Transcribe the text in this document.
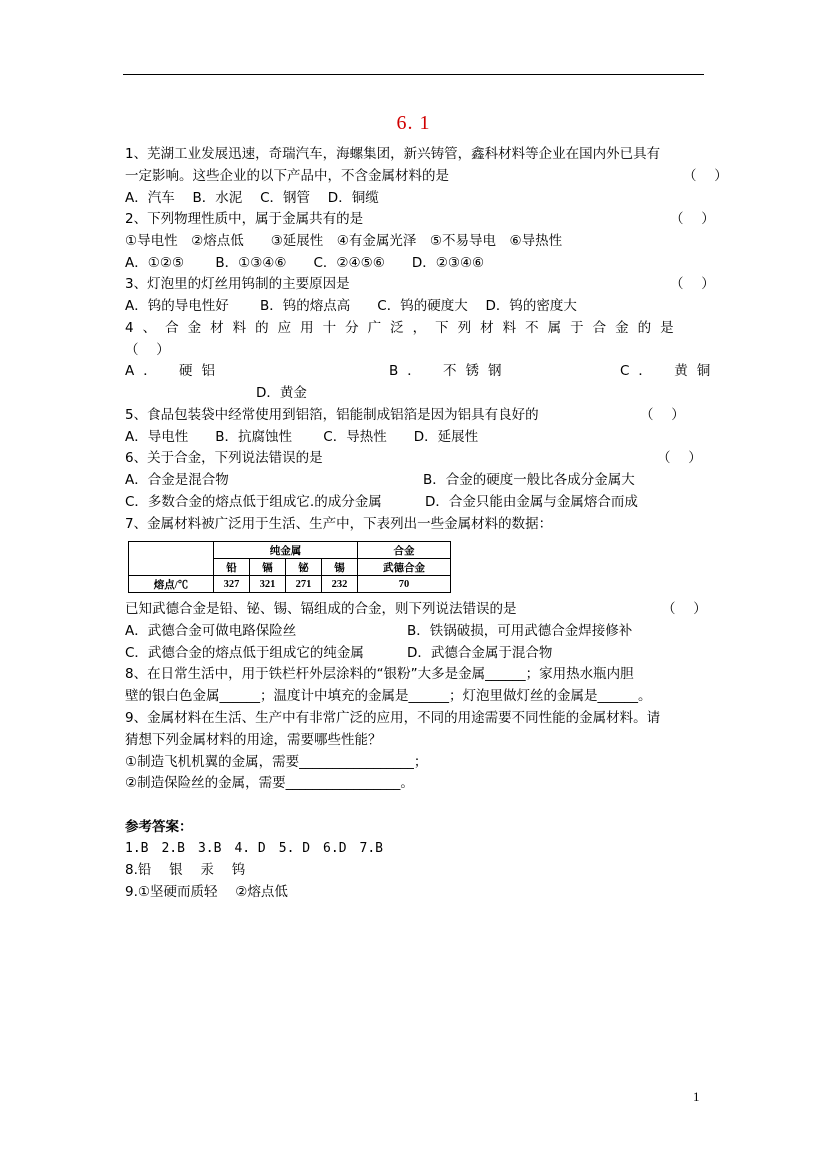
6. 1
1、芜湖工业发展迅速，奇瑞汽车，海螺集团，新兴铸管，鑫科材料等企业在国内外已具有
一定影响。这些企业的以下产品中，不含金属材料的是	（　 ）
A．汽车　 B．水泥　 C．钢管　 D．铜缆
2、下列物理性质中，属于金属共有的是	（　 ）
①导电性　②熔点低　　③延展性　④有金属光泽　⑤不易导电　⑥导热性
A．①②⑤　　 B．①③④⑥　　C．②④⑤⑥　　D．②③④⑥
3、灯泡里的灯丝用钨制的主要原因是	（　 ）
A．钨的导电性好　 　B．钨的熔点高　　C．钨的硬度大　 D．钨的密度大
4、合金材料的应用十分广泛，下列材料不属于合金的是
（　 ）
A． 硬铝	B． 不锈钢	C． 黄铜
D．黄金
5、食品包装袋中经常使用到铝箔，铝能制成铝箔是因为铝具有良好的	（　 ）
A．导电性　　B．抗腐蚀性　　 C．导热性　　D．延展性
6、关于合金，下列说法错误的是	（　 ）
A．合金是混合物	B．合金的硬度一般比各成分金属大
C．多数合金的熔点低于组成它.的成分金属	D．合金只能由金属与金属熔合而成
7、金属材料被广泛用于生活、生产中，下表列出一些金属材料的数据：
	纯金属				合金
	铅	镉	铋	锡	武德合金
熔点/℃	327	321	271	232	70
已知武德合金是铅、铋、锡、镉组成的合金，则下列说法错误的是	（　 ）
A．武德合金可做电路保险丝	B．铁锅破损，可用武德合金焊接修补
C．武德合金的熔点低于组成它的纯金属	D．武德合金属于混合物
8、在日常生活中，用于铁栏杆外层涂料的“银粉”大多是金属______；家用热水瓶内胆
壁的银白色金属______；温度计中填充的金属是______；灯泡里做灯丝的金属是______。
9、金属材料在生活、生产中有非常广泛的应用，不同的用途需要不同性能的金属材料。请
猜想下列金属材料的用途，需要哪些性能？
①制造飞机机翼的金属，需要_________________；
②制造保险丝的金属，需要_________________。
参考答案：
1.B　2.B　3.B　4. D　5. D　6.D　7.B
8.铅　 银　 汞　 钨
9.①坚硬而质轻　 ②熔点低
1
